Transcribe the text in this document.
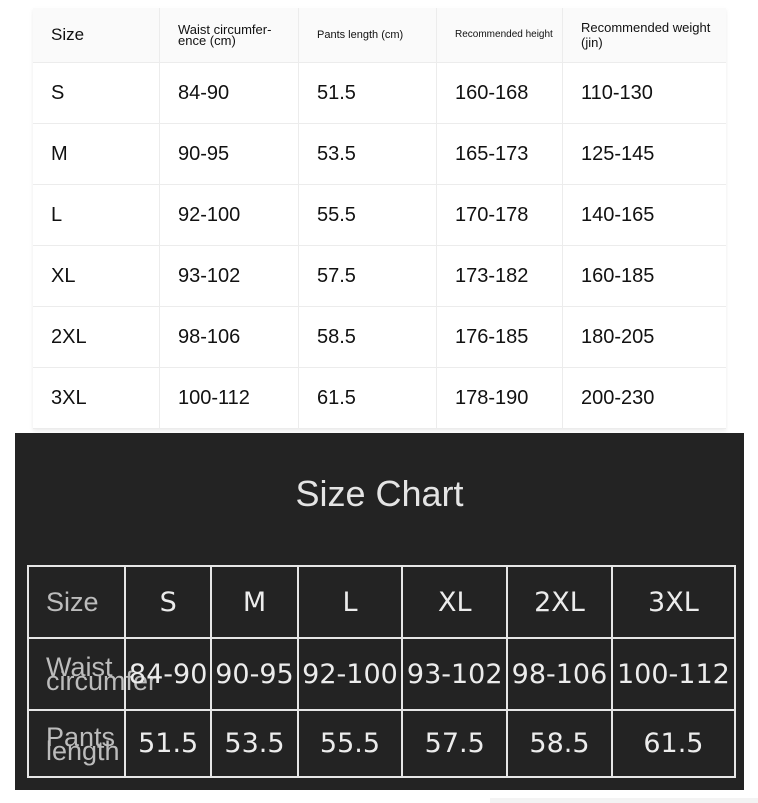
Size	Waist circumfer-ence (cm)	Pants length (cm)	Recommended height	Recommended weight (jin)
S	84-90	51.5	160-168	110-130
M	90-95	53.5	165-173	125-145
L	92-100	55.5	170-178	140-165
XL	93-102	57.5	173-182	160-185
2XL	98-106	58.5	176-185	180-205
3XL	100-112	61.5	178-190	200-230
Size Chart
Size	S	M	L	XL	2XL	3XL
Waist circumfer	84-90	90-95	92-100	93-102	98-106	100-112
Pants length	51.5	53.5	55.5	57.5	58.5	61.5
